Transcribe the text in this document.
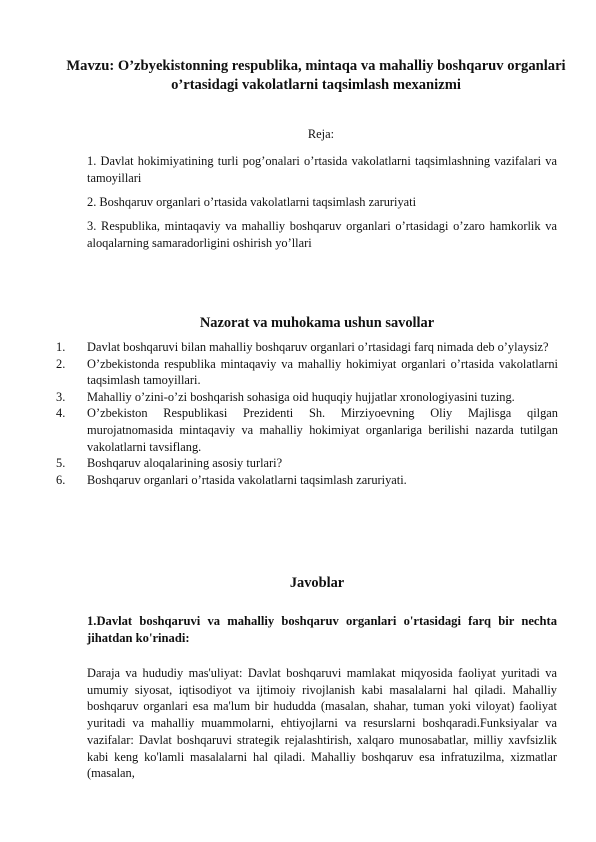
Mavzu: O’zbyekistonning respublika, mintaqa va mahalliy boshqaruv organlari o’rtasidagi vakolatlarni taqsimlash mexanizmi
Reja:
1. Davlat hokimiyatining turli pog’onalari o’rtasida vakolatlarni taqsimlashning vazifalari va tamoyillari
2. Boshqaruv organlari o’rtasida vakolatlarni taqsimlash zaruriyati
3. Respublika, mintaqaviy va mahalliy boshqaruv organlari o’rtasidagi o’zaro hamkorlik va aloqalarning samaradorligini oshirish yo’llari
Nazorat va muhokama ushun savollar
1. Davlat boshqaruvi bilan mahalliy boshqaruv organlari o’rtasidagi farq nimada deb o’ylaysiz?
2. O’zbekistonda respublika mintaqaviy va mahalliy hokimiyat organlari o’rtasida vakolatlarni taqsimlash tamoyillari.
3. Mahalliy o’zini-o’zi boshqarish sohasiga oid huquqiy hujjatlar xronologiyasini tuzing.
4. O’zbekiston Respublikasi Prezidenti Sh. Mirziyoevning Oliy Majlisga qilgan murojatnomasida mintaqaviy va mahalliy hokimiyat organlariga berilishi nazarda tutilgan vakolatlarni tavsiflang.
5. Boshqaruv aloqalarining asosiy turlari?
6. Boshqaruv organlari o’rtasida vakolatlarni taqsimlash zaruriyati.
Javoblar
1.Davlat boshqaruvi va mahalliy boshqaruv organlari o'rtasidagi farq bir nechta jihatdan ko'rinadi:
Daraja va hududiy mas'uliyat: Davlat boshqaruvi mamlakat miqyosida faoliyat yuritadi va umumiy siyosat, iqtisodiyot va ijtimoiy rivojlanish kabi masalalarni hal qiladi. Mahalliy boshqaruv organlari esa ma'lum bir hududda (masalan, shahar, tuman yoki viloyat) faoliyat yuritadi va mahalliy muammolarni, ehtiyojlarni va resurslarni boshqaradi.Funksiyalar va vazifalar: Davlat boshqaruvi strategik rejalashtirish, xalqaro munosabatlar, milliy xavfsizlik kabi keng ko'lamli masalalarni hal qiladi. Mahalliy boshqaruv esa infratuzilma, xizmatlar (masalan,
